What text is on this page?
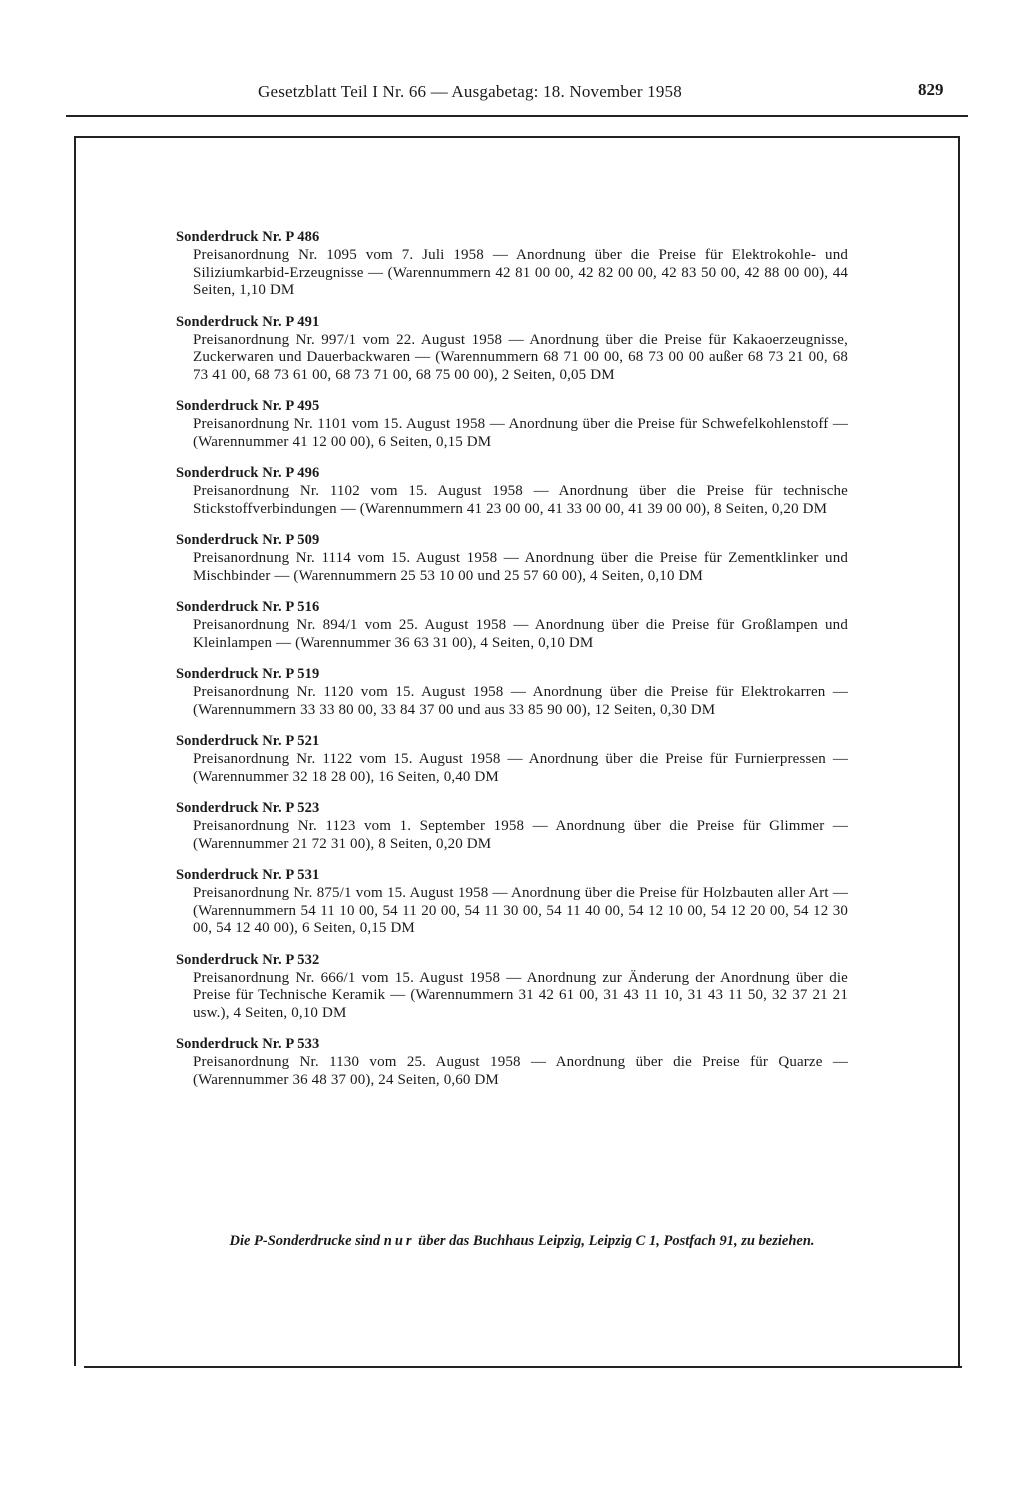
Gesetzblatt Teil I Nr. 66 — Ausgabetag: 18. November 1958	829
Sonderdruck Nr. P 486
Preisanordnung Nr. 1095 vom 7. Juli 1958 — Anordnung über die Preise für Elektrokohle- und Siliziumkarbid-Erzeugnisse — (Warennummern 42 81 00 00, 42 82 00 00, 42 83 50 00, 42 88 00 00), 44 Seiten, 1,10 DM
Sonderdruck Nr. P 491
Preisanordnung Nr. 997/1 vom 22. August 1958 — Anordnung über die Preise für Kakaoerzeugnisse, Zuckerwaren und Dauerbackwaren — (Warennummern 68 71 00 00, 68 73 00 00 außer 68 73 21 00, 68 73 41 00, 68 73 61 00, 68 73 71 00, 68 75 00 00), 2 Seiten, 0,05 DM
Sonderdruck Nr. P 495
Preisanordnung Nr. 1101 vom 15. August 1958 — Anordnung über die Preise für Schwefelkohlenstoff — (Warennummer 41 12 00 00), 6 Seiten, 0,15 DM
Sonderdruck Nr. P 496
Preisanordnung Nr. 1102 vom 15. August 1958 — Anordnung über die Preise für technische Stickstoffverbindungen — (Warennummern 41 23 00 00, 41 33 00 00, 41 39 00 00), 8 Seiten, 0,20 DM
Sonderdruck Nr. P 509
Preisanordnung Nr. 1114 vom 15. August 1958 — Anordnung über die Preise für Zementklinker und Mischbinder — (Warennummern 25 53 10 00 und 25 57 60 00), 4 Seiten, 0,10 DM
Sonderdruck Nr. P 516
Preisanordnung Nr. 894/1 vom 25. August 1958 — Anordnung über die Preise für Großlampen und Kleinlampen — (Warennummer 36 63 31 00), 4 Seiten, 0,10 DM
Sonderdruck Nr. P 519
Preisanordnung Nr. 1120 vom 15. August 1958 — Anordnung über die Preise für Elektrokarren — (Warennummern 33 33 80 00, 33 84 37 00 und aus 33 85 90 00), 12 Seiten, 0,30 DM
Sonderdruck Nr. P 521
Preisanordnung Nr. 1122 vom 15. August 1958 — Anordnung über die Preise für Furnierpressen — (Warennummer 32 18 28 00), 16 Seiten, 0,40 DM
Sonderdruck Nr. P 523
Preisanordnung Nr. 1123 vom 1. September 1958 — Anordnung über die Preise für Glimmer — (Warennummer 21 72 31 00), 8 Seiten, 0,20 DM
Sonderdruck Nr. P 531
Preisanordnung Nr. 875/1 vom 15. August 1958 — Anordnung über die Preise für Holzbauten aller Art — (Warennummern 54 11 10 00, 54 11 20 00, 54 11 30 00, 54 11 40 00, 54 12 10 00, 54 12 20 00, 54 12 30 00, 54 12 40 00), 6 Seiten, 0,15 DM
Sonderdruck Nr. P 532
Preisanordnung Nr. 666/1 vom 15. August 1958 — Anordnung zur Änderung der Anordnung über die Preise für Technische Keramik — (Warennummern 31 42 61 00, 31 43 11 10, 31 43 11 50, 32 37 21 21 usw.), 4 Seiten, 0,10 DM
Sonderdruck Nr. P 533
Preisanordnung Nr. 1130 vom 25. August 1958 — Anordnung über die Preise für Quarze — (Warennummer 36 48 37 00), 24 Seiten, 0,60 DM
Die P-Sonderdrucke sind nur über das Buchhaus Leipzig, Leipzig C 1, Postfach 91, zu beziehen.
